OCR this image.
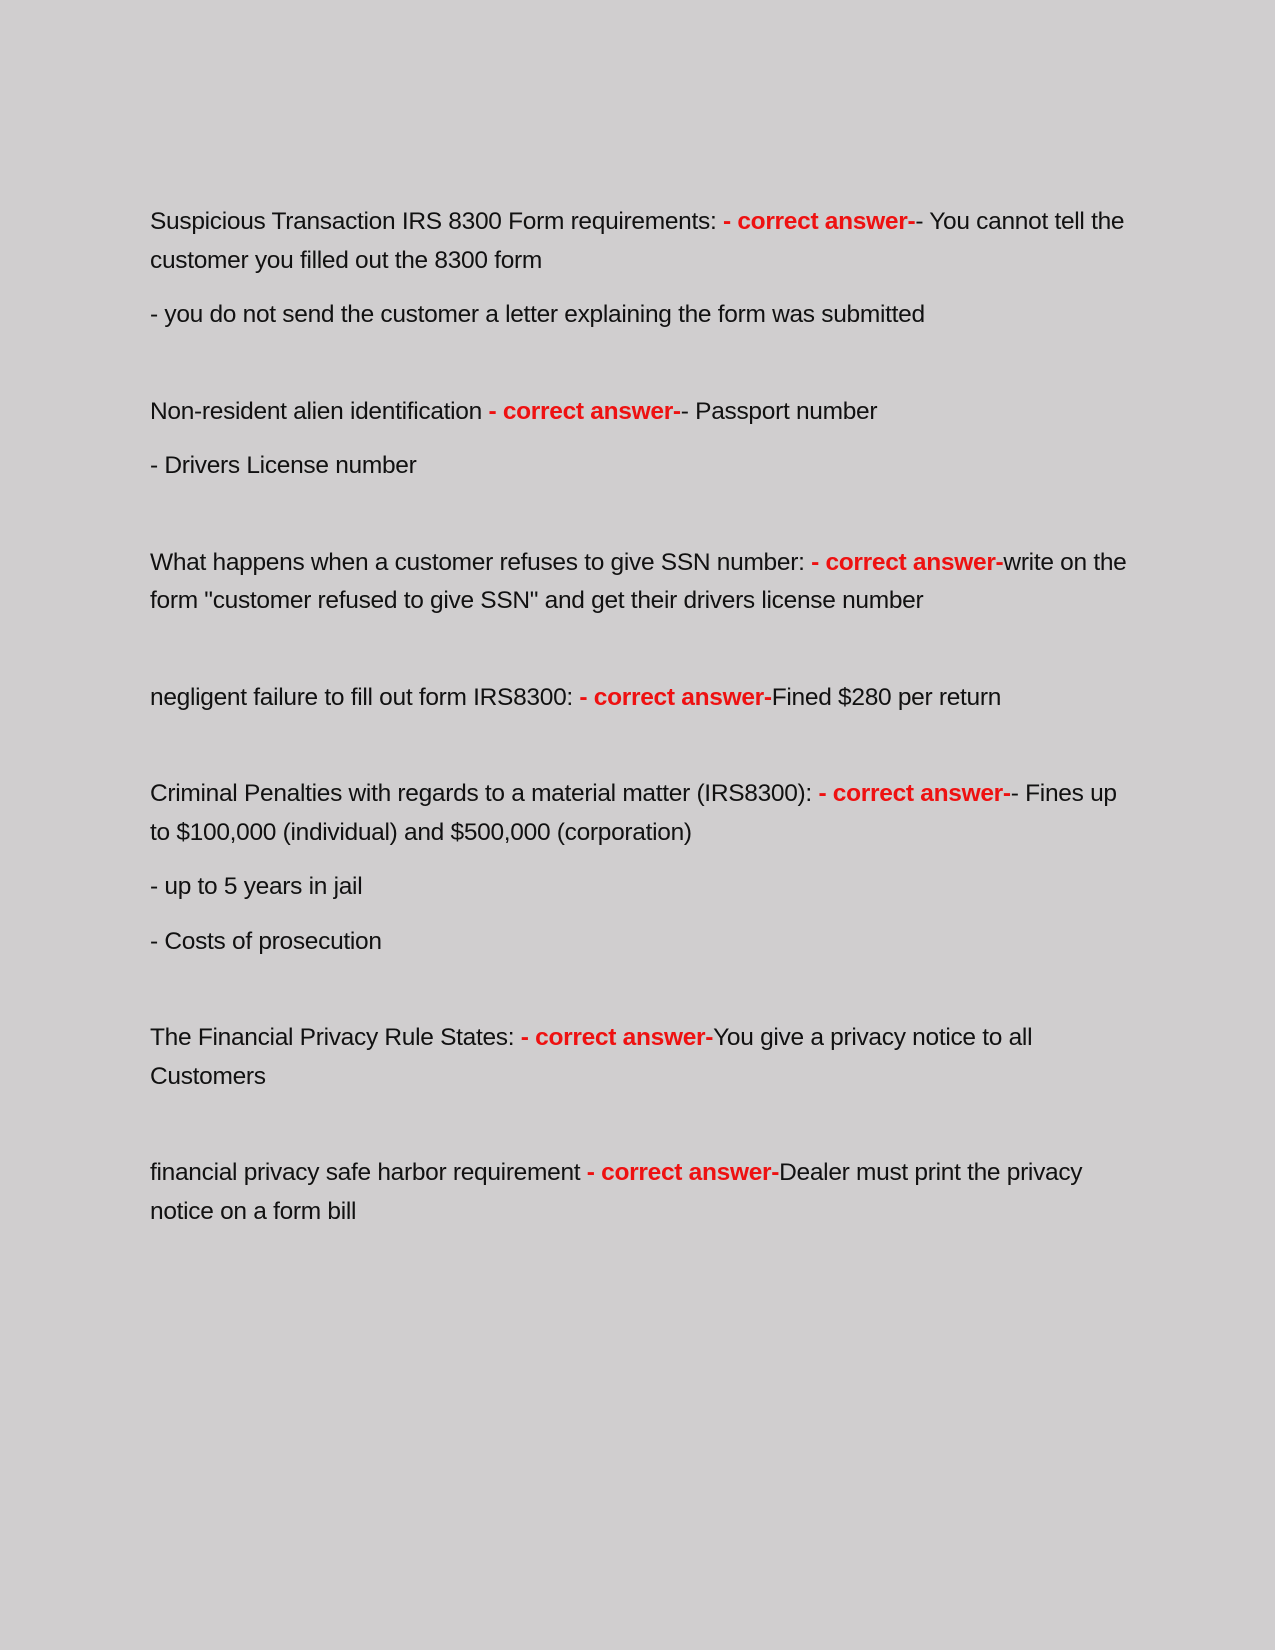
Suspicious Transaction IRS 8300 Form requirements: - correct answer-- You cannot tell the customer you filled out the 8300 form

- you do not send the customer a letter explaining the form was submitted

Non-resident alien identification - correct answer-- Passport number

- Drivers License number

What happens when a customer refuses to give SSN number: - correct answer-write on the form "customer refused to give SSN" and get their drivers license number

negligent failure to fill out form IRS8300: - correct answer-Fined $280 per return

Criminal Penalties with regards to a material matter (IRS8300): - correct answer-- Fines up to $100,000 (individual) and $500,000 (corporation)

- up to 5 years in jail

- Costs of prosecution

The Financial Privacy Rule States: - correct answer-You give a privacy notice to all Customers

financial privacy safe harbor requirement - correct answer-Dealer must print the privacy notice on a form bill
